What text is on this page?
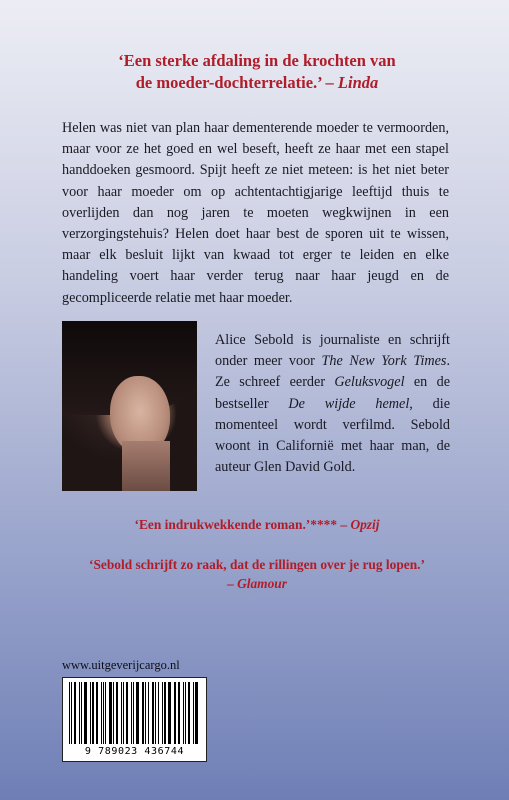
‘Een sterke afdaling in de krochten van
de moeder-dochterrelatie.’ – Linda

Helen was niet van plan haar dementerende moeder te vermoorden, maar voor ze het goed en wel beseft, heeft ze haar met een stapel handdoeken gesmoord. Spijt heeft ze niet meteen: is het niet beter voor haar moeder om op achtentachtigjarige leeftijd thuis te overlijden dan nog jaren te moeten wegkwijnen in een verzorgingstehuis? Helen doet haar best de sporen uit te wissen, maar elk besluit lijkt van kwaad tot erger te leiden en elke handeling voert haar verder terug naar haar jeugd en de gecompliceerde relatie met haar moeder.

Alice Sebold is journaliste en schrijft onder meer voor The New York Times. Ze schreef eerder Geluksvogel en de bestseller De wijde hemel, die momenteel wordt verfilmd. Sebold woont in Californië met haar man, de auteur Glen David Gold.

‘Een indrukwekkende roman.’**** – Opzij

‘Sebold schrijft zo raak, dat de rillingen over je rug lopen.’
– Glamour

www.uitgeverijcargo.nl
9 789023 436744
